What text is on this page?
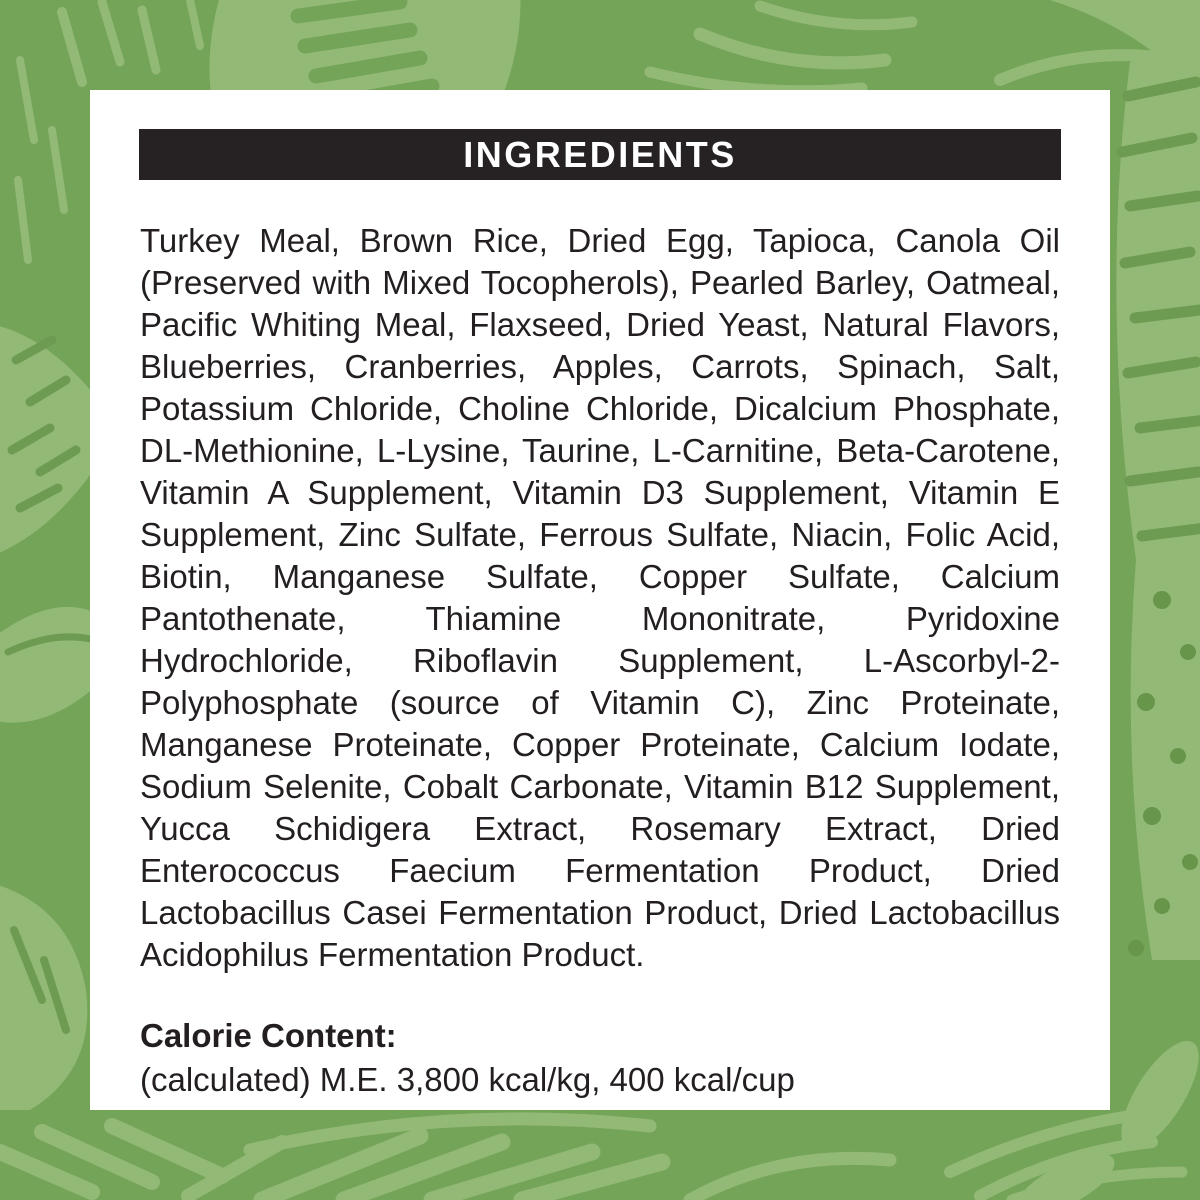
INGREDIENTS

Turkey Meal, Brown Rice, Dried Egg, Tapioca, Canola Oil (Preserved with Mixed Tocopherols), Pearled Barley, Oatmeal, Pacific Whiting Meal, Flaxseed, Dried Yeast, Natural Flavors, Blueberries, Cranberries, Apples, Carrots, Spinach, Salt, Potassium Chloride, Choline Chloride, Dicalcium Phosphate, DL-Methionine, L-Lysine, Taurine, L-Carnitine, Beta-Carotene, Vitamin A Supplement, Vitamin D3 Supplement, Vitamin E Supplement, Zinc Sulfate, Ferrous Sulfate, Niacin, Folic Acid, Biotin, Manganese Sulfate, Copper Sulfate, Calcium Pantothenate, Thiamine Mononitrate, Pyridoxine Hydrochloride, Riboflavin Supplement, L-Ascorbyl-2-Polyphosphate (source of Vitamin C), Zinc Proteinate, Manganese Proteinate, Copper Proteinate, Calcium Iodate, Sodium Selenite, Cobalt Carbonate, Vitamin B12 Supplement, Yucca Schidigera Extract, Rosemary Extract, Dried Enterococcus Faecium Fermentation Product, Dried Lactobacillus Casei Fermentation Product, Dried Lactobacillus Acidophilus Fermentation Product.

Calorie Content:

(calculated) M.E. 3,800 kcal/kg, 400 kcal/cup
